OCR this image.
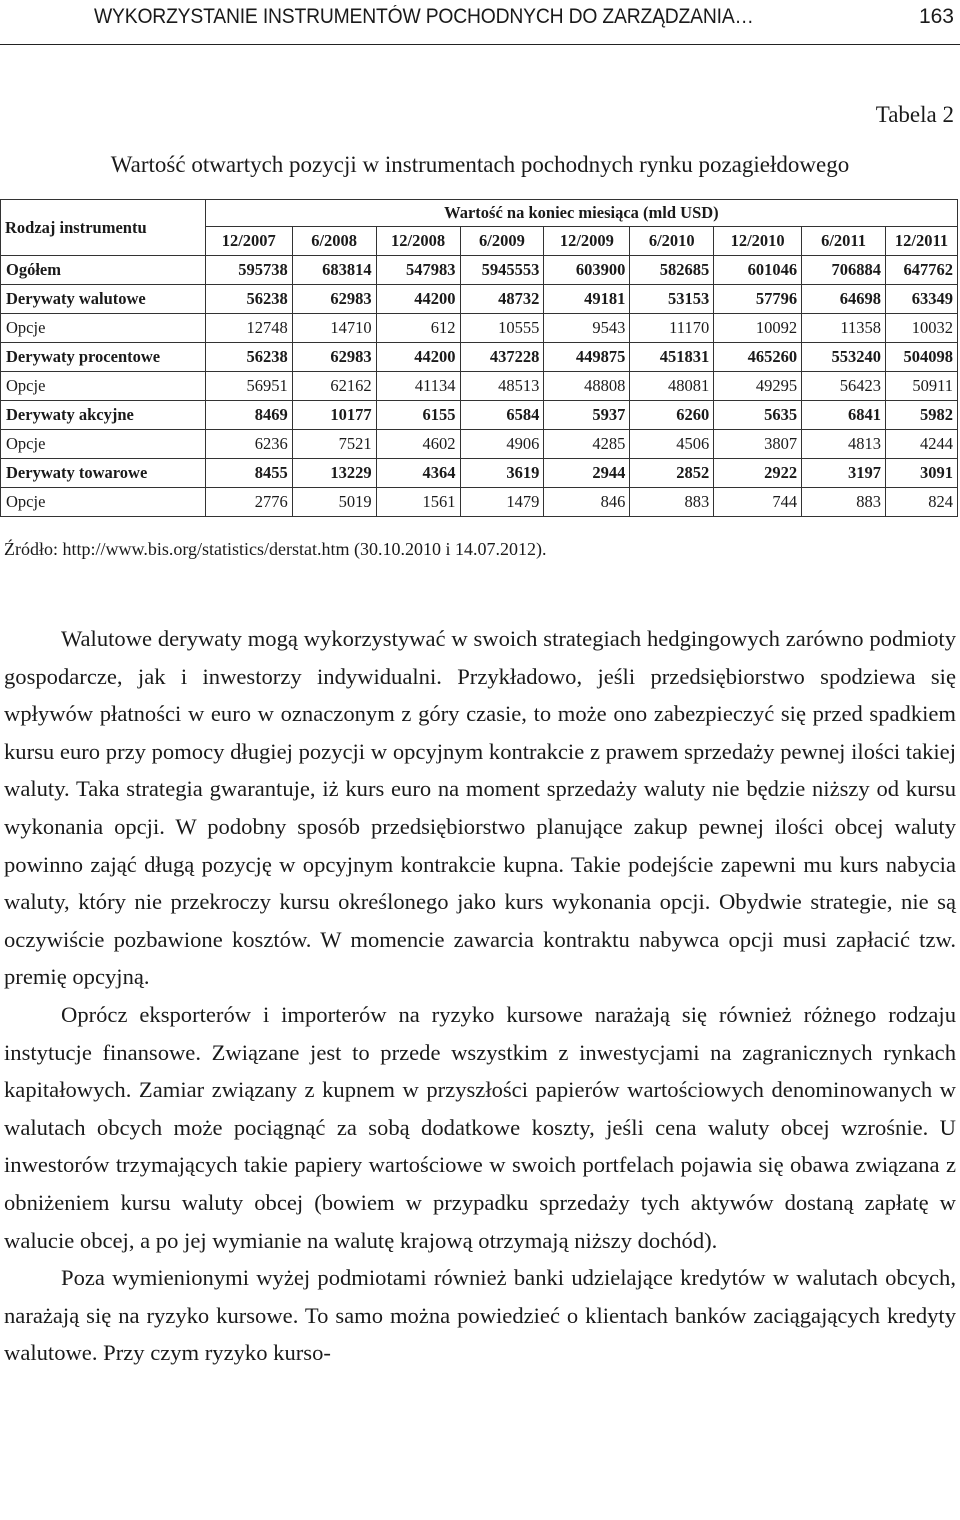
WYKORZYSTANIE INSTRUMENTÓW POCHODNYCH DO ZARZĄDZANIA…	163
Tabela 2
Wartość otwartych pozycji w instrumentach pochodnych rynku pozagiełdowego
Rodzaj instrumentu	Wartość na koniec miesiąca (mld USD)								
	12/2007	6/2008	12/2008	6/2009	12/2009	6/2010	12/2010	6/2011	12/2011
Ogółem	595738	683814	547983	5945553	603900	582685	601046	706884	647762
Derywaty walutowe	56238	62983	44200	48732	49181	53153	57796	64698	63349
Opcje	12748	14710	612	10555	9543	11170	10092	11358	10032
Derywaty procentowe	56238	62983	44200	437228	449875	451831	465260	553240	504098
Opcje	56951	62162	41134	48513	48808	48081	49295	56423	50911
Derywaty akcyjne	8469	10177	6155	6584	5937	6260	5635	6841	5982
Opcje	6236	7521	4602	4906	4285	4506	3807	4813	4244
Derywaty towarowe	8455	13229	4364	3619	2944	2852	2922	3197	3091
Opcje	2776	5019	1561	1479	846	883	744	883	824
Źródło: http://www.bis.org/statistics/derstat.htm (30.10.2010 i 14.07.2012).

Walutowe derywaty mogą wykorzystywać w swoich strategiach hedgingowych zarówno podmioty gospodarcze, jak i inwestorzy indywidualni. Przykładowo, jeśli przedsiębiorstwo spodziewa się wpływów płatności w euro w oznaczonym z góry czasie, to może ono zabezpieczyć się przed spadkiem kursu euro przy pomocy długiej pozycji w opcyjnym kontrakcie z prawem sprzedaży pewnej ilości takiej waluty. Taka strategia gwarantuje, iż kurs euro na moment sprzedaży waluty nie będzie niższy od kursu wykonania opcji. W podobny sposób przedsiębiorstwo planujące zakup pewnej ilości obcej waluty powinno zająć długą pozycję w opcyjnym kontrakcie kupna. Takie podejście zapewni mu kurs nabycia waluty, który nie przekroczy kursu określonego jako kurs wykonania opcji. Obydwie strategie, nie są oczywiście pozbawione kosztów. W momencie zawarcia kontraktu nabywca opcji musi zapłacić tzw. premię opcyjną.

Oprócz eksporterów i importerów na ryzyko kursowe narażają się również różnego rodzaju instytucje finansowe. Związane jest to przede wszystkim z inwestycjami na zagranicznych rynkach kapitałowych. Zamiar związany z kupnem w przyszłości papierów wartościowych denominowanych w walutach obcych może pociągnąć za sobą dodatkowe koszty, jeśli cena waluty obcej wzrośnie. U inwestorów trzymających takie papiery wartościowe w swoich portfelach pojawia się obawa związana z obniżeniem kursu waluty obcej (bowiem w przypadku sprzedaży tych aktywów dostaną zapłatę w walucie obcej, a po jej wymianie na walutę krajową otrzymają niższy dochód).

Poza wymienionymi wyżej podmiotami również banki udzielające kredytów w walutach obcych, narażają się na ryzyko kursowe. To samo można powiedzieć o klientach banków zaciągających kredyty walutowe. Przy czym ryzyko kurso-
